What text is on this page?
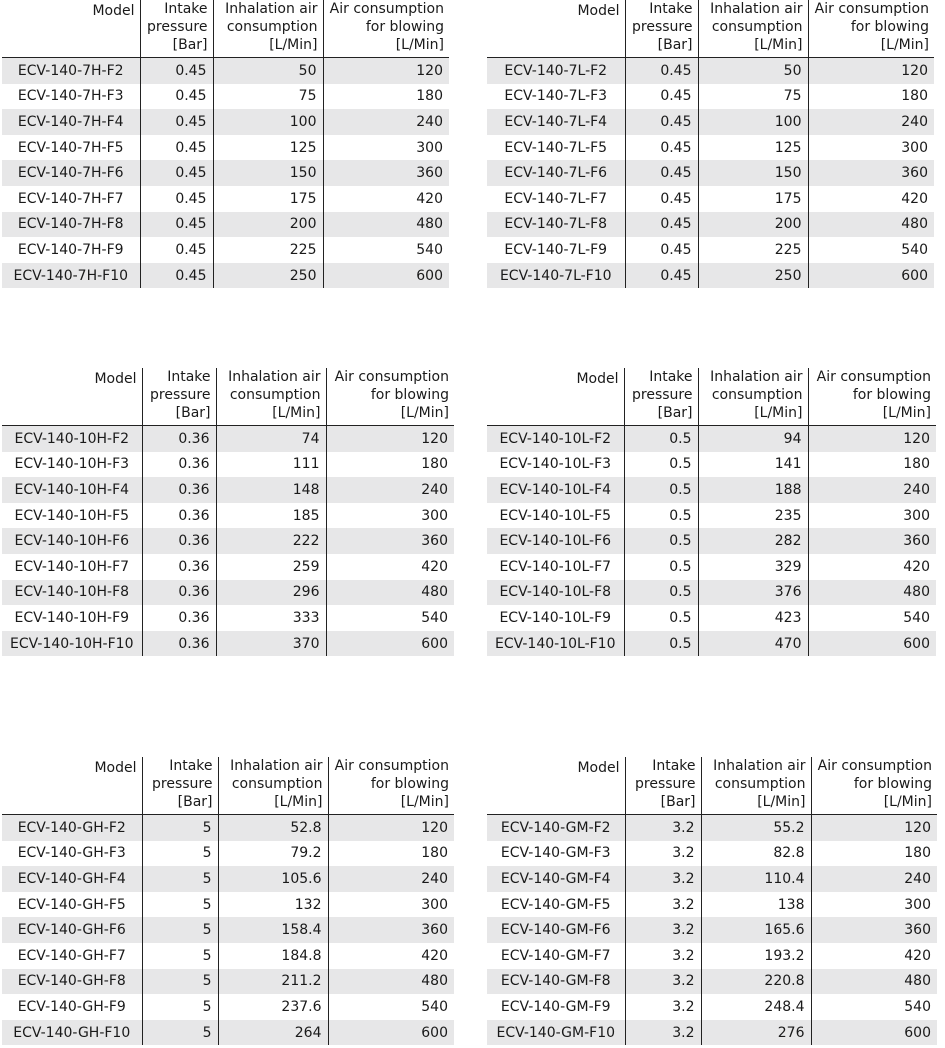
Model	Intake
pressure
[Bar]	Inhalation air
consumption
[L/Min]	Air consumption
for blowing
[L/Min]

ECV-140-7H-F2	0.45	50	120
ECV-140-7H-F3	0.45	75	180
ECV-140-7H-F4	0.45	100	240
ECV-140-7H-F5	0.45	125	300
ECV-140-7H-F6	0.45	150	360
ECV-140-7H-F7	0.45	175	420
ECV-140-7H-F8	0.45	200	480
ECV-140-7H-F9	0.45	225	540
ECV-140-7H-F10	0.45	250	600
Model	Intake
pressure
[Bar]	Inhalation air
consumption
[L/Min]	Air consumption
for blowing
[L/Min]

ECV-140-7L-F2	0.45	50	120
ECV-140-7L-F3	0.45	75	180
ECV-140-7L-F4	0.45	100	240
ECV-140-7L-F5	0.45	125	300
ECV-140-7L-F6	0.45	150	360
ECV-140-7L-F7	0.45	175	420
ECV-140-7L-F8	0.45	200	480
ECV-140-7L-F9	0.45	225	540
ECV-140-7L-F10	0.45	250	600
Model	Intake
pressure
[Bar]	Inhalation air
consumption
[L/Min]	Air consumption
for blowing
[L/Min]

ECV-140-10H-F2	0.36	74	120
ECV-140-10H-F3	0.36	111	180
ECV-140-10H-F4	0.36	148	240
ECV-140-10H-F5	0.36	185	300
ECV-140-10H-F6	0.36	222	360
ECV-140-10H-F7	0.36	259	420
ECV-140-10H-F8	0.36	296	480
ECV-140-10H-F9	0.36	333	540
ECV-140-10H-F10	0.36	370	600
Model	Intake
pressure
[Bar]	Inhalation air
consumption
[L/Min]	Air consumption
for blowing
[L/Min]

ECV-140-10L-F2	0.5	94	120
ECV-140-10L-F3	0.5	141	180
ECV-140-10L-F4	0.5	188	240
ECV-140-10L-F5	0.5	235	300
ECV-140-10L-F6	0.5	282	360
ECV-140-10L-F7	0.5	329	420
ECV-140-10L-F8	0.5	376	480
ECV-140-10L-F9	0.5	423	540
ECV-140-10L-F10	0.5	470	600
Model	Intake
pressure
[Bar]	Inhalation air
consumption
[L/Min]	Air consumption
for blowing
[L/Min]

ECV-140-GH-F2	5	52.8	120
ECV-140-GH-F3	5	79.2	180
ECV-140-GH-F4	5	105.6	240
ECV-140-GH-F5	5	132	300
ECV-140-GH-F6	5	158.4	360
ECV-140-GH-F7	5	184.8	420
ECV-140-GH-F8	5	211.2	480
ECV-140-GH-F9	5	237.6	540
ECV-140-GH-F10	5	264	600
Model	Intake
pressure
[Bar]	Inhalation air
consumption
[L/Min]	Air consumption
for blowing
[L/Min]

ECV-140-GM-F2	3.2	55.2	120
ECV-140-GM-F3	3.2	82.8	180
ECV-140-GM-F4	3.2	110.4	240
ECV-140-GM-F5	3.2	138	300
ECV-140-GM-F6	3.2	165.6	360
ECV-140-GM-F7	3.2	193.2	420
ECV-140-GM-F8	3.2	220.8	480
ECV-140-GM-F9	3.2	248.4	540
ECV-140-GM-F10	3.2	276	600
